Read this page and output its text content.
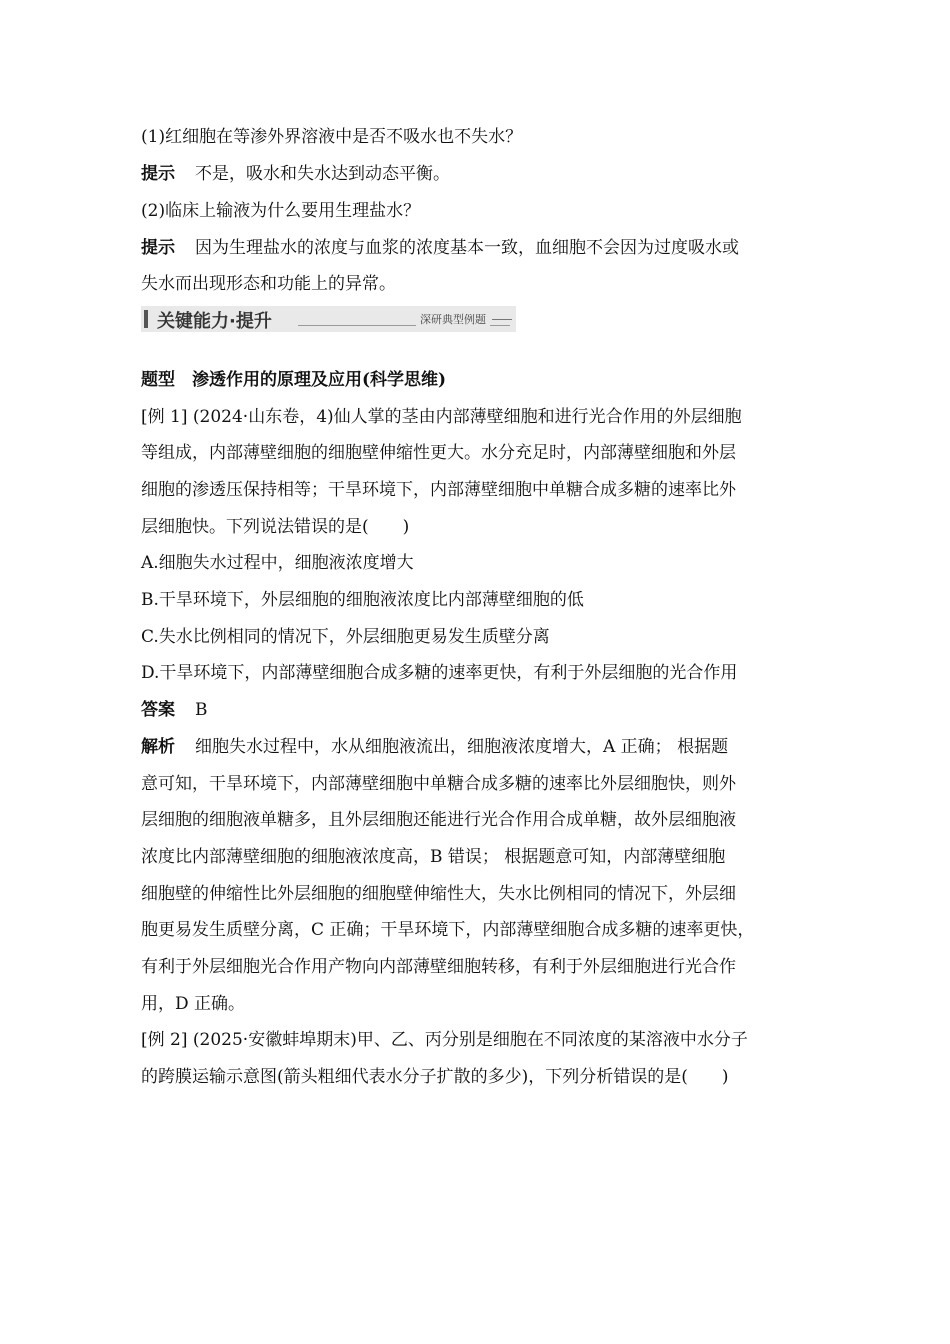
(1)红细胞在等渗外界溶液中是否不吸水也不失水？
提示 不是，吸水和失水达到动态平衡。
(2)临床上输液为什么要用生理盐水？
提示 因为生理盐水的浓度与血浆的浓度基本一致，血细胞不会因为过度吸水或
失水而出现形态和功能上的异常。
关键能力·提升	深研典型例题
题型　渗透作用的原理及应用(科学思维)
[例 1] (2024·山东卷，4)仙人掌的茎由内部薄壁细胞和进行光合作用的外层细胞
等组成，内部薄壁细胞的细胞壁伸缩性更大。水分充足时，内部薄壁细胞和外层
细胞的渗透压保持相等；干旱环境下，内部薄壁细胞中单糖合成多糖的速率比外
层细胞快。下列说法错误的是(　　)
A.细胞失水过程中，细胞液浓度增大
B.干旱环境下，外层细胞的细胞液浓度比内部薄壁细胞的低
C.失水比例相同的情况下，外层细胞更易发生质壁分离
D.干旱环境下，内部薄壁细胞合成多糖的速率更快，有利于外层细胞的光合作用
答案 B
解析 细胞失水过程中，水从细胞液流出，细胞液浓度增大，A 正确； 根据题
意可知，干旱环境下，内部薄壁细胞中单糖合成多糖的速率比外层细胞快，则外
层细胞的细胞液单糖多，且外层细胞还能进行光合作用合成单糖，故外层细胞液
浓度比内部薄壁细胞的细胞液浓度高，B 错误； 根据题意可知，内部薄壁细胞
细胞壁的伸缩性比外层细胞的细胞壁伸缩性大，失水比例相同的情况下，外层细
胞更易发生质壁分离，C 正确；干旱环境下，内部薄壁细胞合成多糖的速率更快，
有利于外层细胞光合作用产物向内部薄壁细胞转移，有利于外层细胞进行光合作
用，D 正确。
[例 2] (2025·安徽蚌埠期末)甲、乙、丙分别是细胞在不同浓度的某溶液中水分子
的跨膜运输示意图(箭头粗细代表水分子扩散的多少)，下列分析错误的是(　　)
